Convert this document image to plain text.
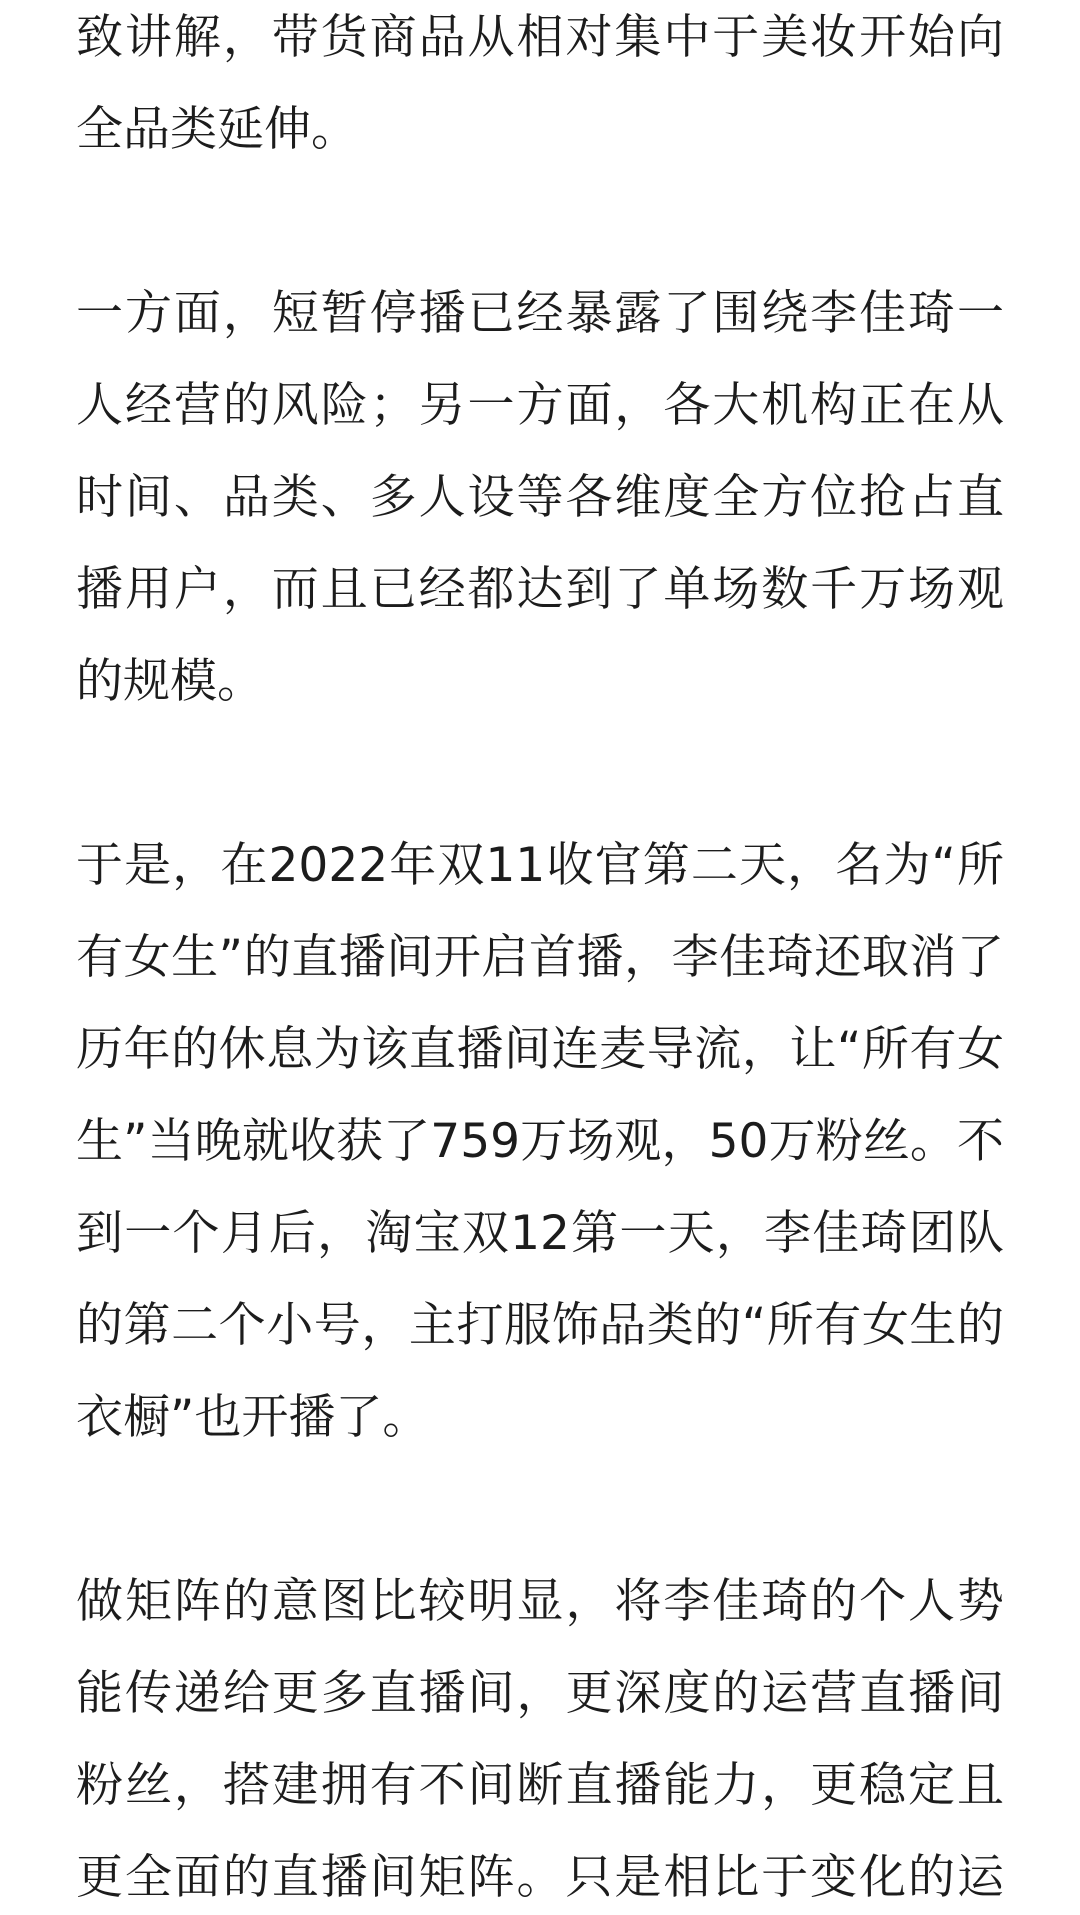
致讲解，带货商品从相对集中于美妆开始向
全品类延伸。
一方面，短暂停播已经暴露了围绕李佳琦一
人经营的风险；另一方面，各大机构正在从
时间、品类、多人设等各维度全方位抢占直
播用户，而且已经都达到了单场数千万场观
的规模。
于是，在2022年双11收官第二天，名为“所
有女生”的直播间开启首播，李佳琦还取消了
历年的休息为该直播间连麦导流，让“所有女
生”当晚就收获了759万场观，50万粉丝。不
到一个月后，淘宝双12第一天，李佳琦团队
的第二个小号，主打服饰品类的“所有女生的
衣橱”也开播了。
做矩阵的意图比较明显，将李佳琦的个人势
能传递给更多直播间，更深度的运营直播间
粉丝，搭建拥有不间断直播能力，更稳定且
更全面的直播间矩阵。只是相比于变化的运
